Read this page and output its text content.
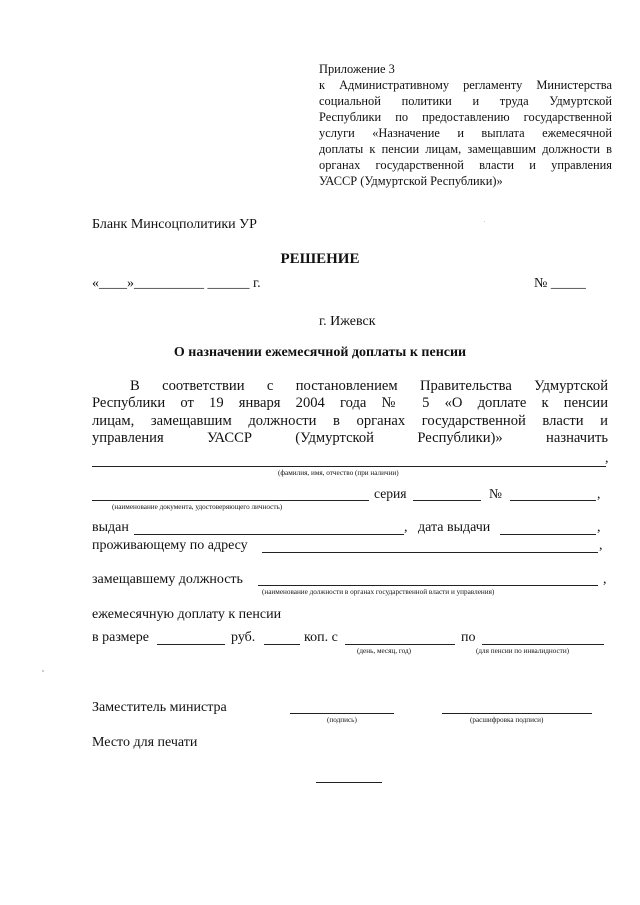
Приложение 3
к Административному регламенту Министерства
социальной политики и труда Удмуртской
Республики по предоставлению государственной
услуги «Назначение и выплата ежемесячной
доплаты к пенсии лицам, замещавшим должности в
органах государственной власти и управления
УАССР (Удмуртской Республики)»
Бланк Минсоцполитики УР
РЕШЕНИЕ
«____»__________ ______ г.	№ _____
г. Ижевск
О назначении ежемесячной доплаты к пенсии
В соответствии с постановлением Правительства Удмуртской
Республики от 19 января 2004 года № 5 «О доплате к пенсии
лицам, замещавшим должности в органах государственной власти и
управления УАССР (Удмуртской Республики)» назначить
,
(фамилия, имя, отчество (при наличии)
серия	№	,
(наименование документа, удостоверяющего личность)
выдан	, дата выдачи	,
проживающему по адресу	,
замещавшему должность	,
(наименование должности в органах государственной власти и управления)
ежемесячную доплату к пенсии
в размере	руб.	коп. с	по
(день, месяц, год)	(для пенсии по инвалидности)
Заместитель министра
(подпись)	(расшифровка подписи)
Место для печати
